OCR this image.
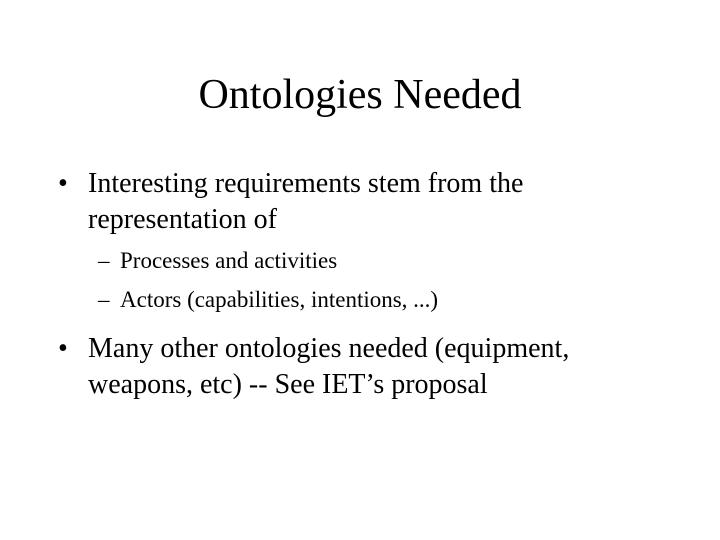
Ontologies Needed
• Interesting requirements stem from the
representation of
– Processes and activities
– Actors (capabilities, intentions, ...)
• Many other ontologies needed (equipment,
weapons, etc) -- See IET’s proposal
